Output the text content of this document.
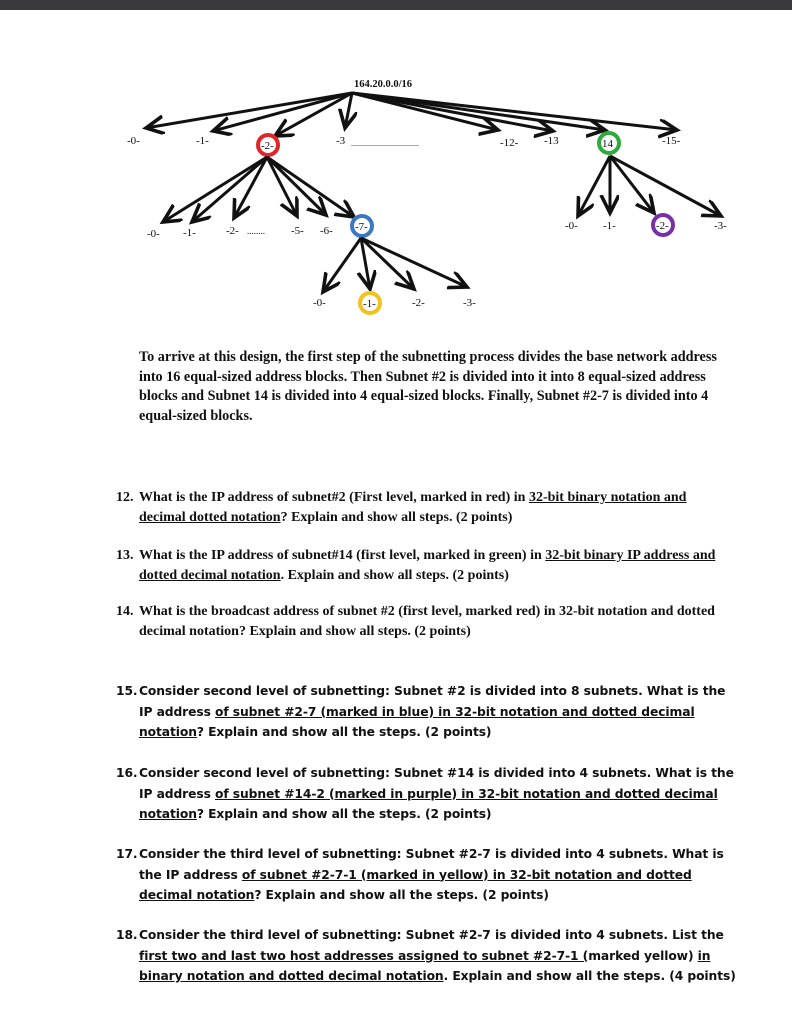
164.20.0.0/16
-0-	-1-	-2-	-3 ..................................	-12- -13	14	-15-
-0- -1-	-2- ........ -5- -6- -7-	-0- -1-	-2-	-3-
-0-	-1-	-2-	-3-

To arrive at this design, the first step of the subnetting process divides the base network address into 16 equal-sized address blocks. Then Subnet #2 is divided into it into 8 equal-sized address blocks and Subnet 14 is divided into 4 equal-sized blocks. Finally, Subnet #2-7 is divided into 4 equal-sized blocks.

12. What is the IP address of subnet#2 (First level, marked in red) in 32-bit binary notation and decimal dotted notation? Explain and show all steps. (2 points)
13. What is the IP address of subnet#14 (first level, marked in green) in 32-bit binary IP address and dotted decimal notation. Explain and show all steps. (2 points)
14. What is the broadcast address of subnet #2 (first level, marked red) in 32-bit notation and dotted decimal notation? Explain and show all steps. (2 points)
15. Consider second level of subnetting: Subnet #2 is divided into 8 subnets. What is the IP address of subnet #2-7 (marked in blue) in 32-bit notation and dotted decimal notation? Explain and show all the steps. (2 points)
16. Consider second level of subnetting: Subnet #14 is divided into 4 subnets. What is the IP address of subnet #14-2 (marked in purple) in 32-bit notation and dotted decimal notation? Explain and show all the steps. (2 points)
17. Consider the third level of subnetting: Subnet #2-7 is divided into 4 subnets. What is the IP address of subnet #2-7-1 (marked in yellow) in 32-bit notation and dotted decimal notation? Explain and show all the steps. (2 points)
18. Consider the third level of subnetting: Subnet #2-7 is divided into 4 subnets. List the first two and last two host addresses assigned to subnet #2-7-1 (marked yellow) in binary notation and dotted decimal notation. Explain and show all the steps. (4 points)
